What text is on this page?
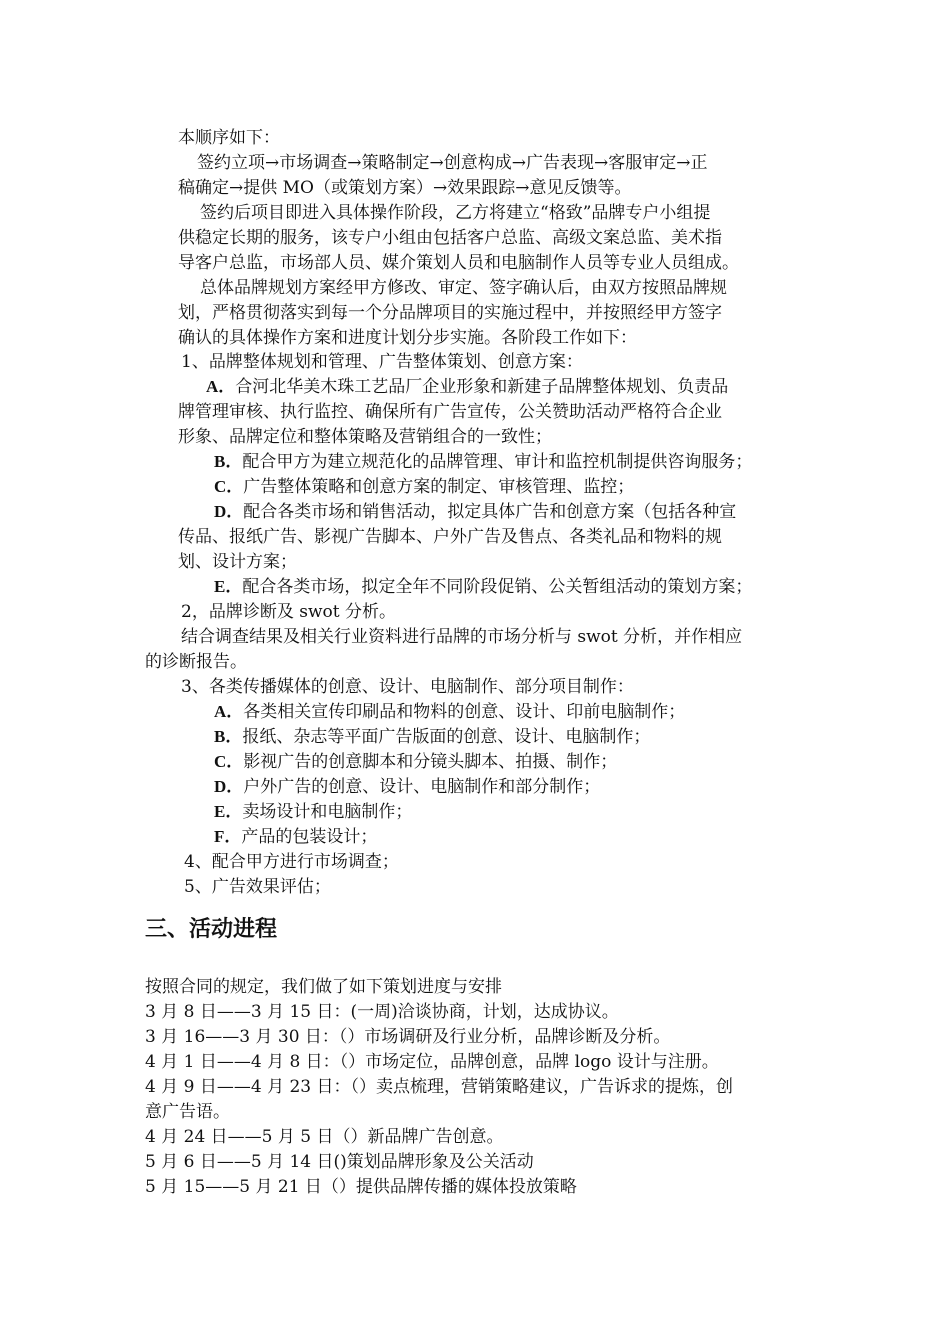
本顺序如下：
签约立项→市场调查→策略制定→创意构成→广告表现→客服审定→正
稿确定→提供 MO（或策划方案）→效果跟踪→意见反馈等。
签约后项目即进入具体操作阶段，乙方将建立“格致”品牌专户小组提
供稳定长期的服务，该专户小组由包括客户总监、高级文案总监、美术指
导客户总监，市场部人员、媒介策划人员和电脑制作人员等专业人员组成。
总体品牌规划方案经甲方修改、审定、签字确认后，由双方按照品牌规
划，严格贯彻落实到每一个分品牌项目的实施过程中，并按照经甲方签字
确认的具体操作方案和进度计划分步实施。各阶段工作如下：
1、品牌整体规划和管理、广告整体策划、创意方案：
A．合河北华美木珠工艺品厂企业形象和新建子品牌整体规划、负责品
牌管理审核、执行监控、确保所有广告宣传，公关赞助活动严格符合企业
形象、品牌定位和整体策略及营销组合的一致性；
B．配合甲方为建立规范化的品牌管理、审计和监控机制提供咨询服务；
C．广告整体策略和创意方案的制定、审核管理、监控；
D．配合各类市场和销售活动，拟定具体广告和创意方案（包括各种宣
传品、报纸广告、影视广告脚本、户外广告及售点、各类礼品和物料的规
划、设计方案；
E．配合各类市场，拟定全年不同阶段促销、公关暂组活动的策划方案；
2，品牌诊断及 swot 分析。
结合调查结果及相关行业资料进行品牌的市场分析与 swot 分析，并作相应
的诊断报告。
3、各类传播媒体的创意、设计、电脑制作、部分项目制作：
A．各类相关宣传印刷品和物料的创意、设计、印前电脑制作；
B．报纸、杂志等平面广告版面的创意、设计、电脑制作；
C．影视广告的创意脚本和分镜头脚本、拍摄、制作；
D．户外广告的创意、设计、电脑制作和部分制作；
E．卖场设计和电脑制作；
F．产品的包装设计；
4、配合甲方进行市场调查；
5、广告效果评估；
三、活动进程
按照合同的规定，我们做了如下策划进度与安排
3 月 8 日——3 月 15 日：(一周)洽谈协商，计划，达成协议。
3 月 16——3 月 30 日：（）市场调研及行业分析，品牌诊断及分析。
4 月 1 日——4 月 8 日：（）市场定位，品牌创意，品牌 logo 设计与注册。
4 月 9 日——4 月 23 日：（）卖点梳理，营销策略建议，广告诉求的提炼，创
意广告语。
4 月 24 日——5 月 5 日（）新品牌广告创意。
5 月 6 日——5 月 14 日()策划品牌形象及公关活动
5 月 15——5 月 21 日（）提供品牌传播的媒体投放策略
